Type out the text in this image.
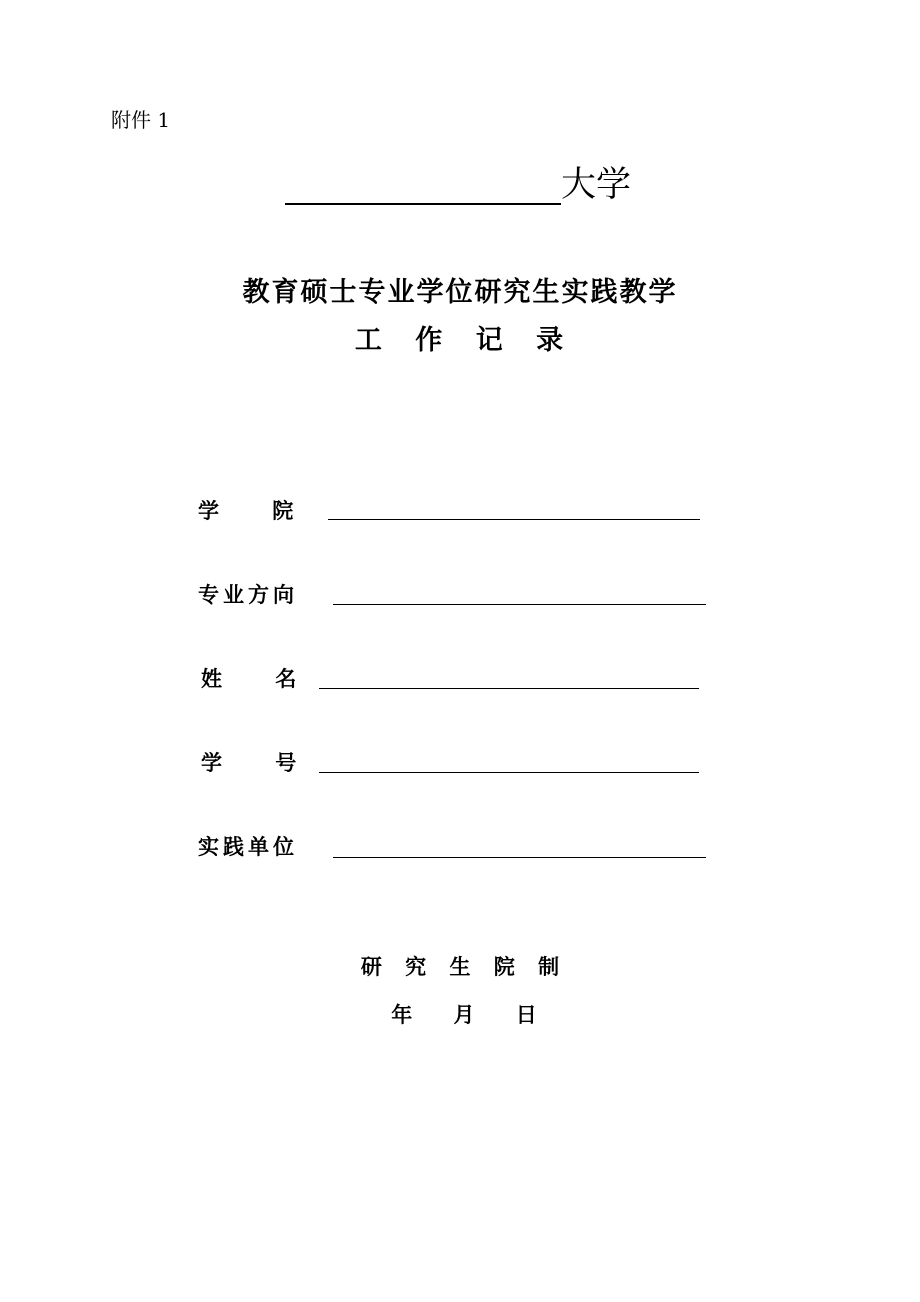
附件 1
大学
教育硕士专业学位研究生实践教学
工 作 记 录
学 院
专业方向
姓 名
学 号
实践单位
研 究 生 院 制
年 月 日
